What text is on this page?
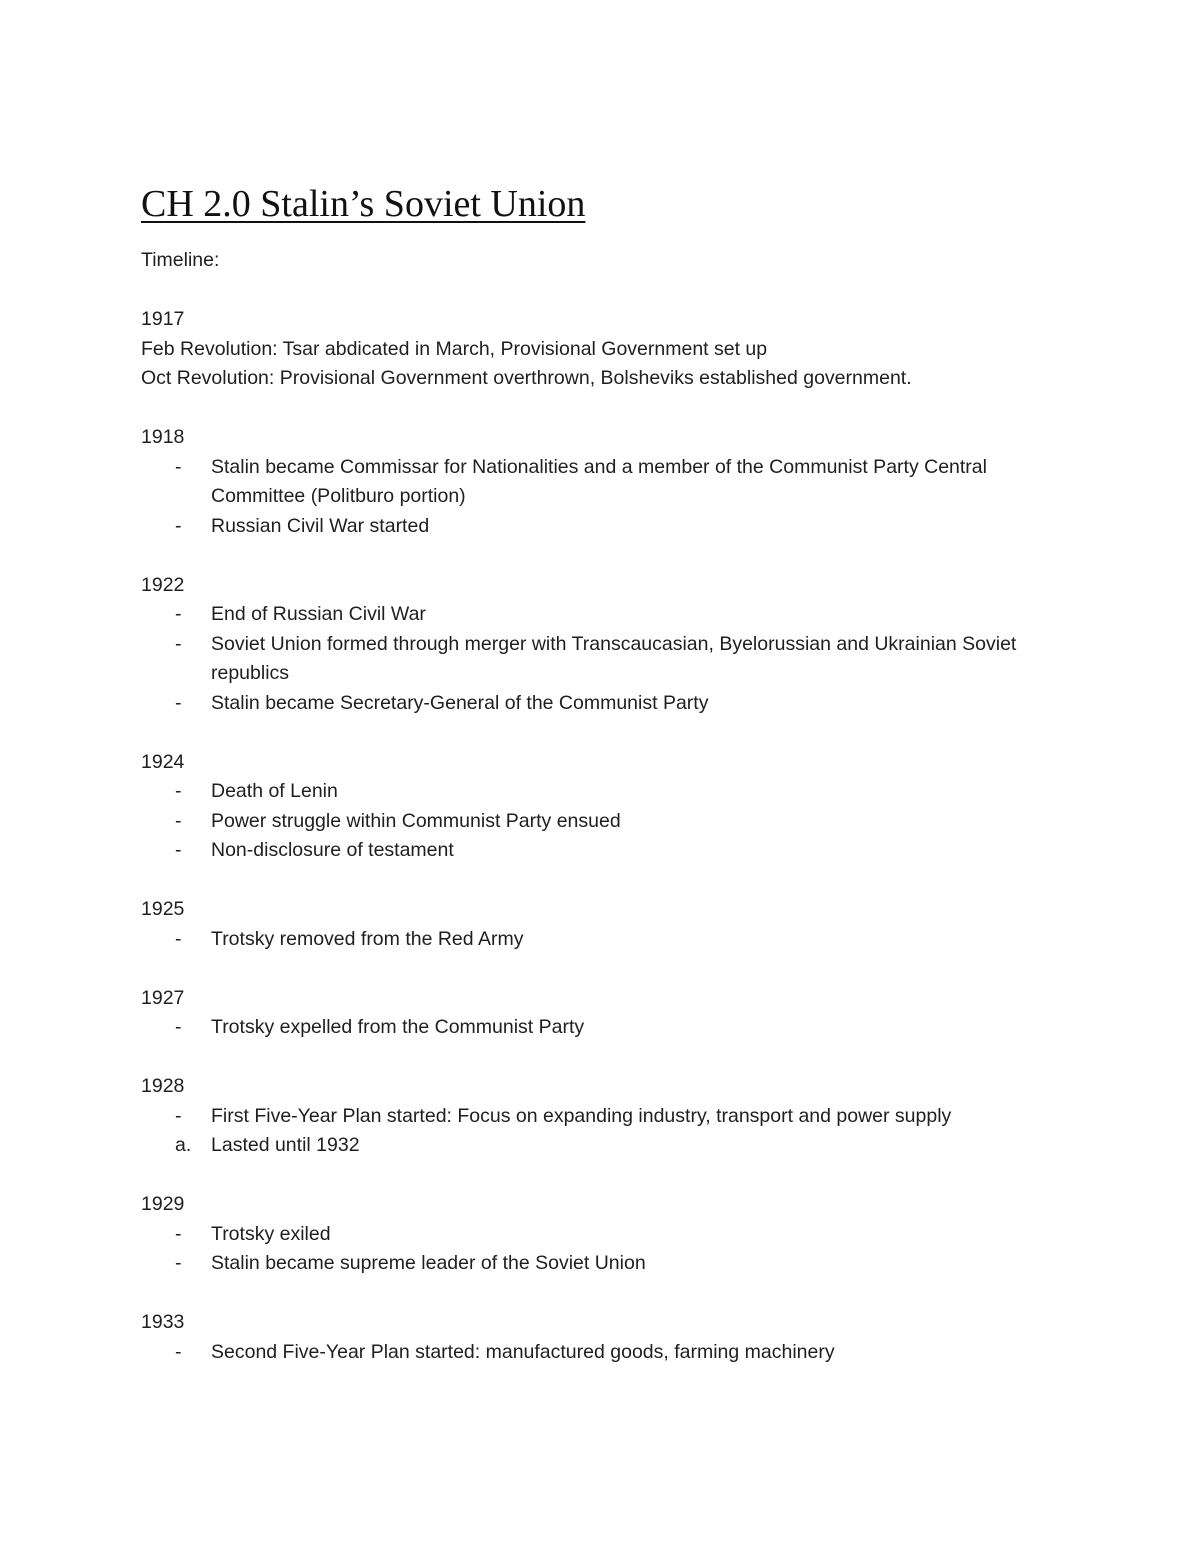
CH 2.0 Stalin’s Soviet Union

Timeline:

1917

Feb Revolution: Tsar abdicated in March, Provisional Government set up

Oct Revolution: Provisional Government overthrown, Bolsheviks established government.

1918
-	Stalin became Commissar for Nationalities and a member of the Communist Party Central Committee (Politburo portion)
-	Russian Civil War started
1922
-	End of Russian Civil War
-	Soviet Union formed through merger with Transcaucasian, Byelorussian and Ukrainian Soviet republics
-	Stalin became Secretary-General of the Communist Party
1924
-	Death of Lenin
-	Power struggle within Communist Party ensued
-	Non-disclosure of testament
1925
-	Trotsky removed from the Red Army
1927
-	Trotsky expelled from the Communist Party
1928
-	First Five-Year Plan started: Focus on expanding industry, transport and power supply
a. Lasted until 1932
1929
-	Trotsky exiled
-	Stalin became supreme leader of the Soviet Union
1933
-	Second Five-Year Plan started: manufactured goods, farming machinery
